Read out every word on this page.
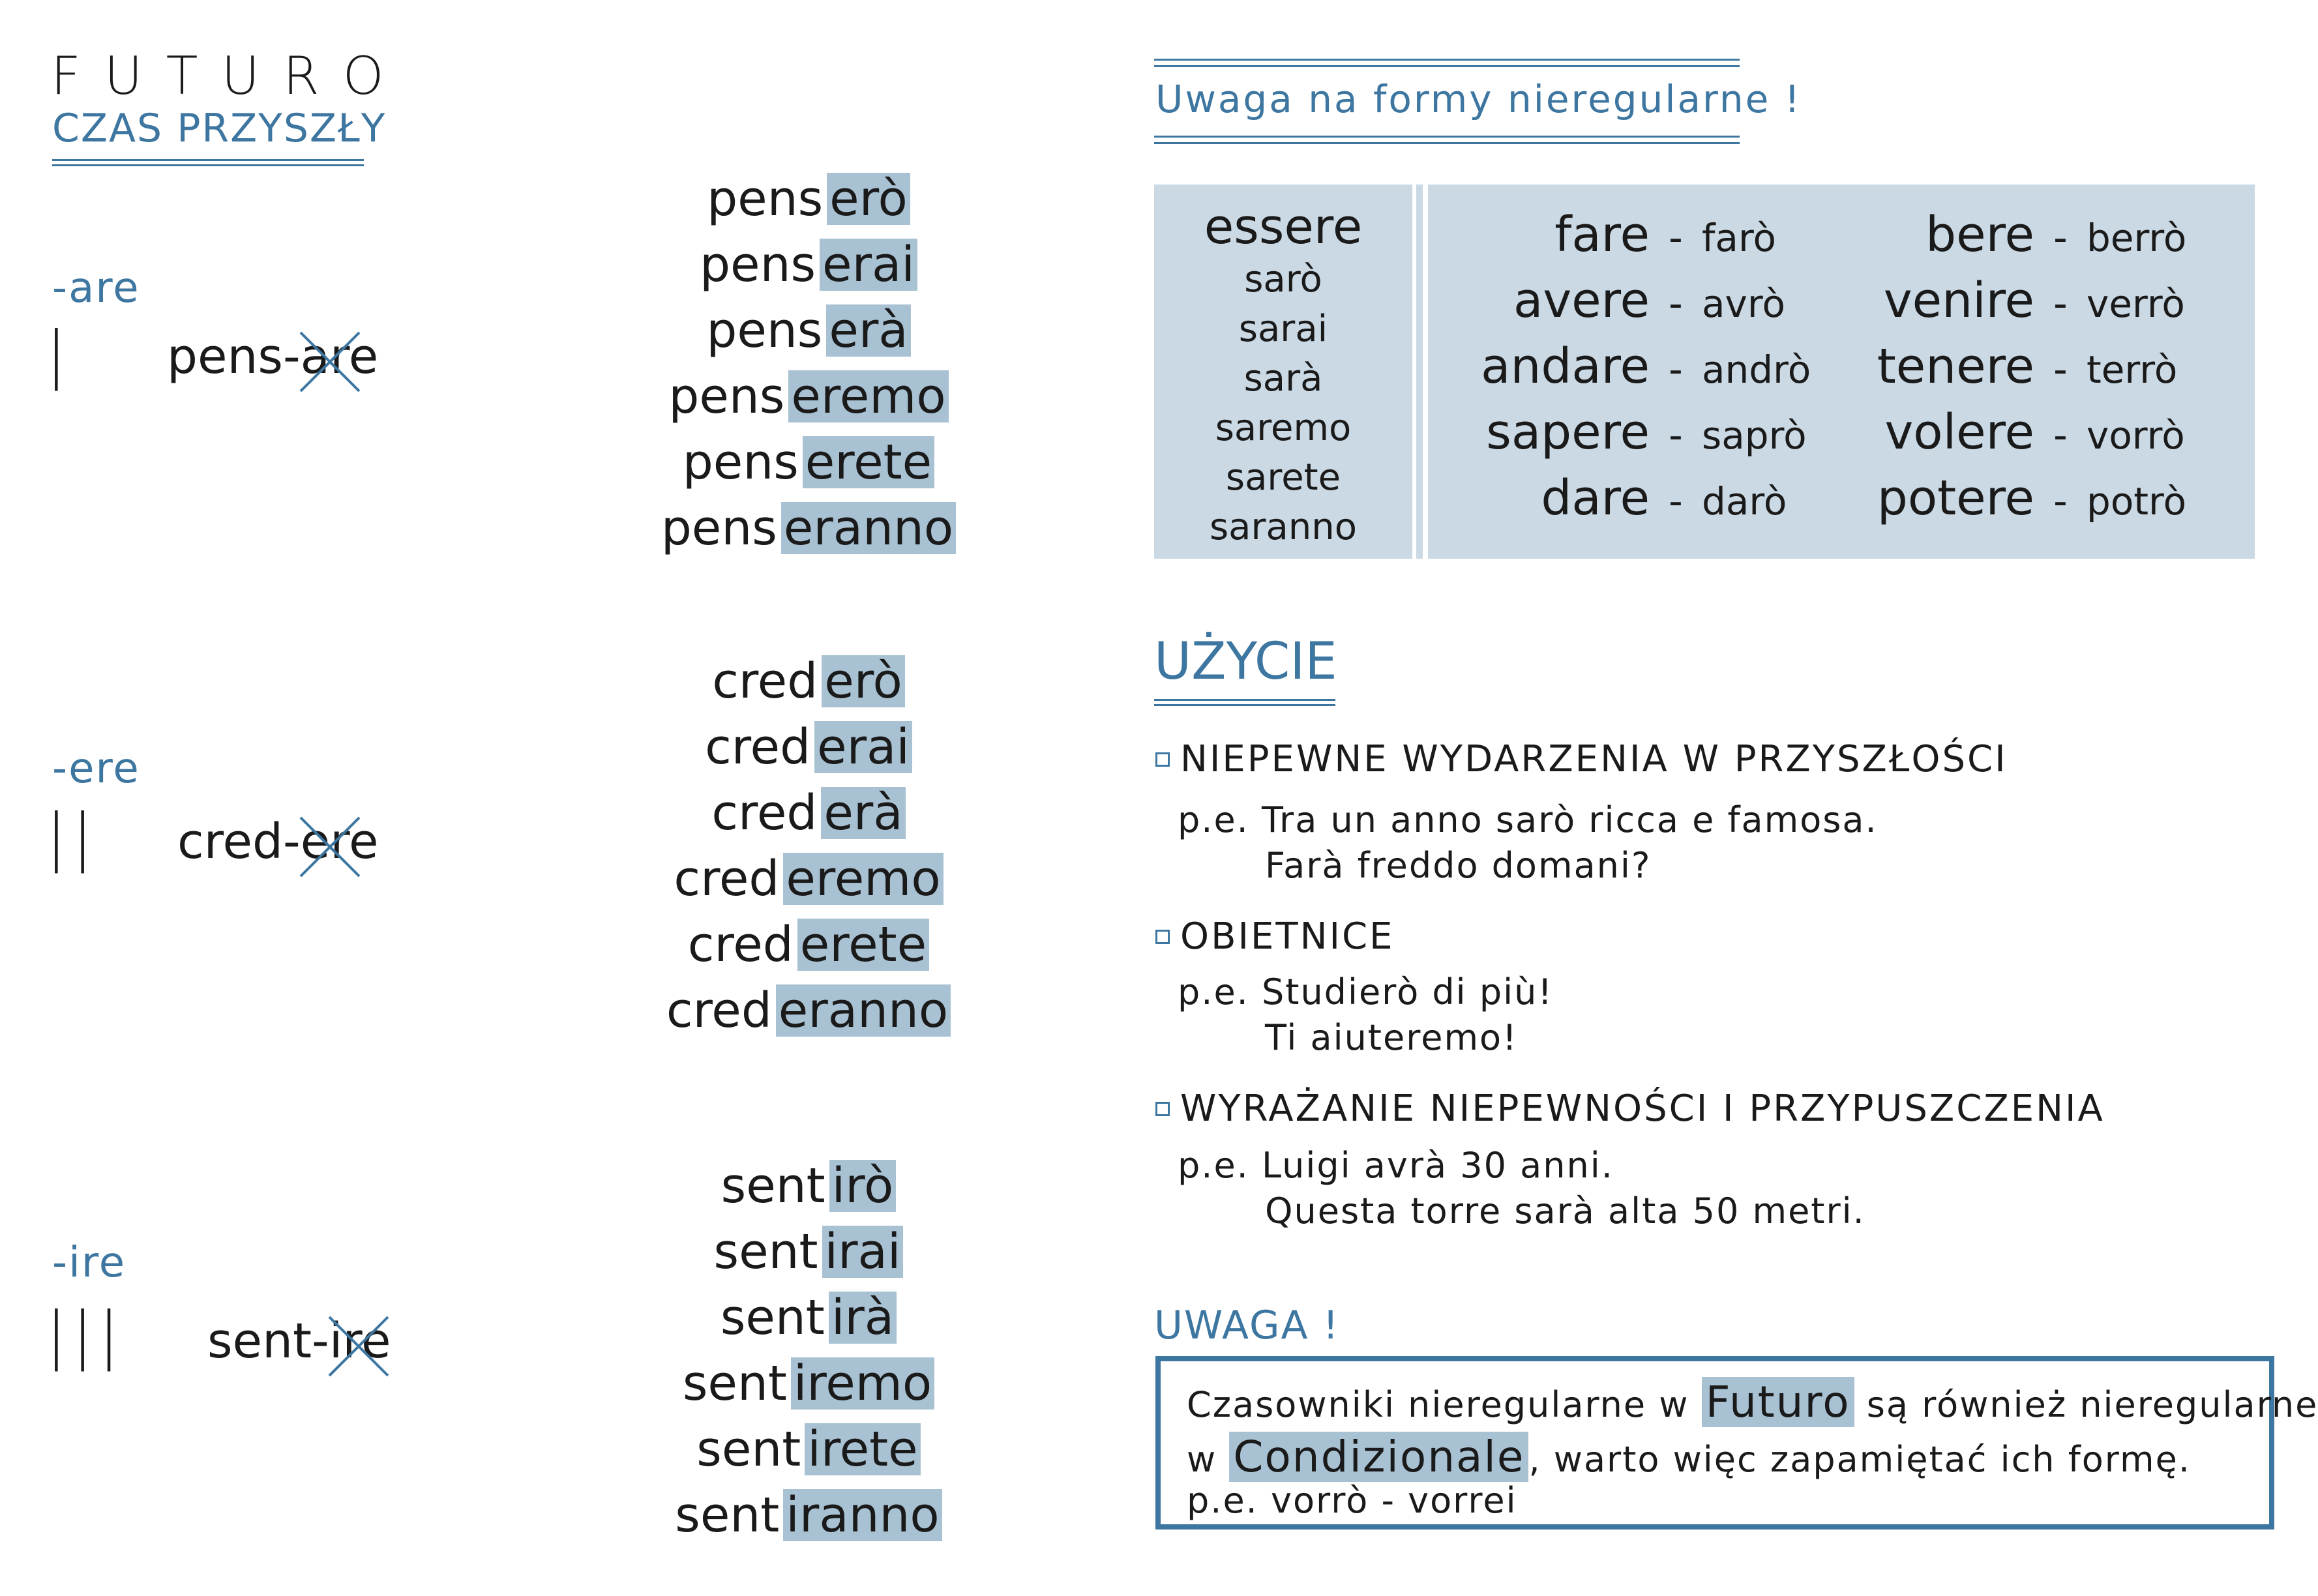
FUTURO
CZAS PRZYSZŁY
-are
| pens-are
pens erò
pens erai
pens erà
pens eremo
pens erete
pens eranno
-ere
|| cred-ere
cred erò
cred erai
cred erà
cred eremo
cred erete
cred eranno
-ire
||| sent-ire
sent irò
sent irai
sent irà
sent iremo
sent irete
sent iranno
Uwaga na formy nieregularne !
essere
sarò
sarai
sarà
saremo
sarete
saranno
fare - farò
avere - avrò
andare - andrò
sapere - saprò
dare - darò
bere - berrò
venire - verrò
tenere - terrò
volere - vorrò
potere - potrò
UŻYCIE
NIEPEWNE WYDARZENIA W PRZYSZŁOŚCI
p.e. Tra un anno sarò ricca e famosa.
Farà freddo domani?
OBIETNICE
p.e. Studierò di più!
Ti aiuteremo!
WYRAŻANIE NIEPEWNOŚCI I PRZYPUSZCZENIA
p.e. Luigi avrà 30 anni.
Questa torre sarà alta 50 metri.
UWAGA !
Czasowniki nieregularne w Futuro są również nieregularne
w Condizionale , warto więc zapamiętać ich formę.
p.e. vorrò - vorrei
